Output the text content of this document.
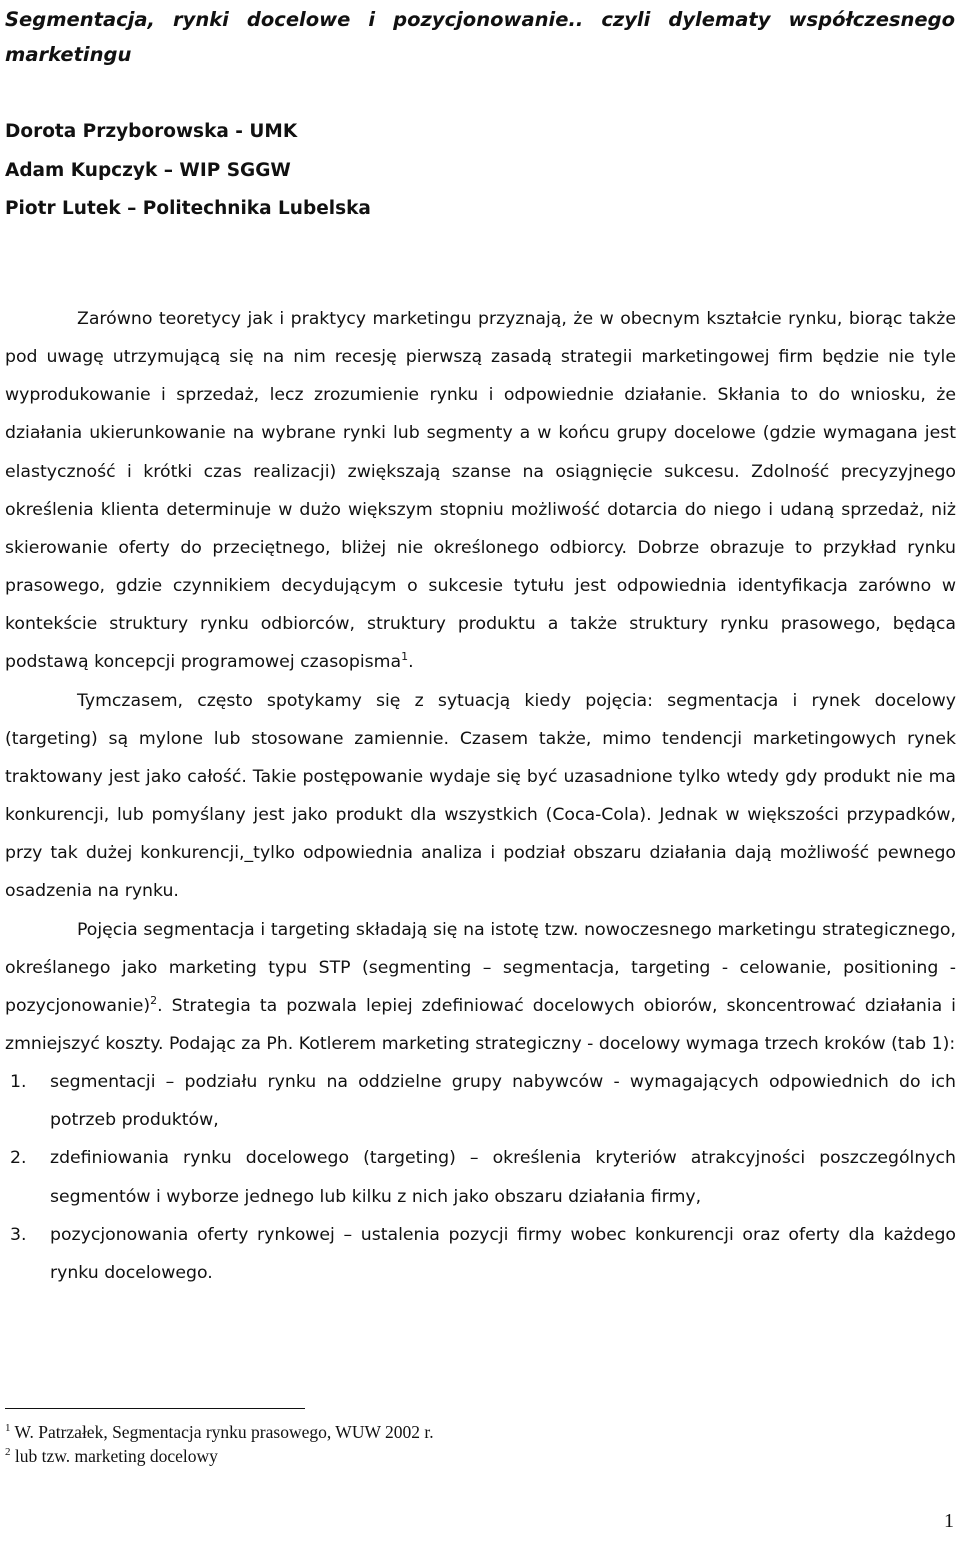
Segmentacja, rynki docelowe i pozycjonowanie.. czyli dylematy współczesnego marketingu
Dorota Przyborowska - UMK
Adam Kupczyk – WIP SGGW
Piotr Lutek – Politechnika Lubelska

Zarówno teoretycy jak i praktycy marketingu przyznają, że w obecnym kształcie rynku, biorąc także pod uwagę utrzymującą się na nim recesję pierwszą zasadą strategii marketingowej firm będzie nie tyle wyprodukowanie i sprzedaż, lecz zrozumienie rynku i odpowiednie działanie. Skłania to do wniosku, że działania ukierunkowanie na wybrane rynki lub segmenty a w końcu grupy docelowe (gdzie wymagana jest elastyczność i krótki czas realizacji) zwiększają szanse na osiągnięcie sukcesu. Zdolność precyzyjnego określenia klienta determinuje w dużo większym stopniu możliwość dotarcia do niego i udaną sprzedaż, niż skierowanie oferty do przeciętnego, bliżej nie określonego odbiorcy. Dobrze obrazuje to przykład rynku prasowego, gdzie czynnikiem decydującym o sukcesie tytułu jest odpowiednia identyfikacja zarówno w kontekście struktury rynku odbiorców, struktury produktu a także struktury rynku prasowego, będąca podstawą koncepcji programowej czasopisma$^1$.

Tymczasem, często spotykamy się z sytuacją kiedy pojęcia: segmentacja i rynek docelowy (targeting) są mylone lub stosowane zamiennie. Czasem także, mimo tendencji marketingowych rynek traktowany jest jako całość. Takie postępowanie wydaje się być uzasadnione tylko wtedy gdy produkt nie ma konkurencji, lub pomyślany jest jako produkt dla wszystkich (Coca-Cola). Jednak w większości przypadków, przy tak dużej konkurencji,_tylko odpowiednia analiza i podział obszaru działania dają możliwość pewnego osadzenia na rynku.

Pojęcia segmentacja i targeting składają się na istotę tzw. nowoczesnego marketingu strategicznego, określanego jako marketing typu STP (segmenting – segmentacja, targeting - celowanie, positioning - pozycjonowanie)$^2$. Strategia ta pozwala lepiej zdefiniować docelowych obiorów, skoncentrować działania i zmniejszyć koszty. Podając za Ph. Kotlerem marketing strategiczny - docelowy wymaga trzech kroków (tab 1):

1. segmentacji – podziału rynku na oddzielne grupy nabywców - wymagających odpowiednich do ich potrzeb produktów,
2. zdefiniowania rynku docelowego (targeting) – określenia kryteriów atrakcyjności poszczególnych segmentów i wyborze jednego lub kilku z nich jako obszaru działania firmy,
3. pozycjonowania oferty rynkowej – ustalenia pozycji firmy wobec konkurencji oraz oferty dla każdego rynku docelowego.
$^1$ W. Patrzałek, Segmentacja rynku prasowego, WUW 2002 r.
$^2$ lub tzw. marketing docelowy
1
